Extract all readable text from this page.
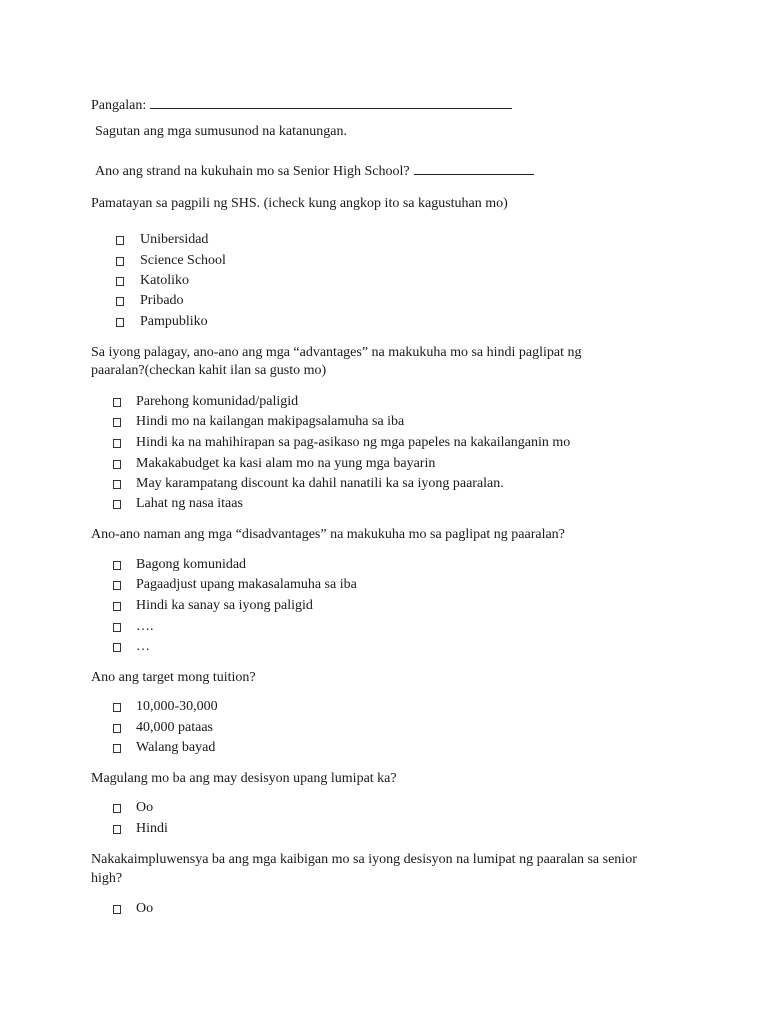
Pangalan:
Sagutan ang mga sumusunod na katanungan.
Ano ang strand na kukuhain mo sa Senior High School?
Pamatayan sa pagpili ng SHS. (icheck kung angkop ito sa kagustuhan mo)
Unibersidad
Science School
Katoliko
Pribado
Pampubliko
Sa iyong palagay, ano-ano ang mga “advantages” na makukuha mo sa hindi paglipat ng
paaralan?(checkan kahit ilan sa gusto mo)
Parehong komunidad/paligid
Hindi mo na kailangan makipagsalamuha sa iba
Hindi ka na mahihirapan sa pag-asikaso ng mga papeles na kakailanganin mo
Makakabudget ka kasi alam mo na yung mga bayarin
May karampatang discount ka dahil nanatili ka sa iyong paaralan.
Lahat ng nasa itaas
Ano-ano naman ang mga “disadvantages” na makukuha mo sa paglipat ng paaralan?
Bagong komunidad
Pagaadjust upang makasalamuha sa iba
Hindi ka sanay sa iyong paligid
….
…
Ano ang target mong tuition?
10,000-30,000
40,000 pataas
Walang bayad
Magulang mo ba ang may desisyon upang lumipat ka?
Oo
Hindi
Nakakaimpluwensya ba ang mga kaibigan mo sa iyong desisyon na lumipat ng paaralan sa senior
high?
Oo
